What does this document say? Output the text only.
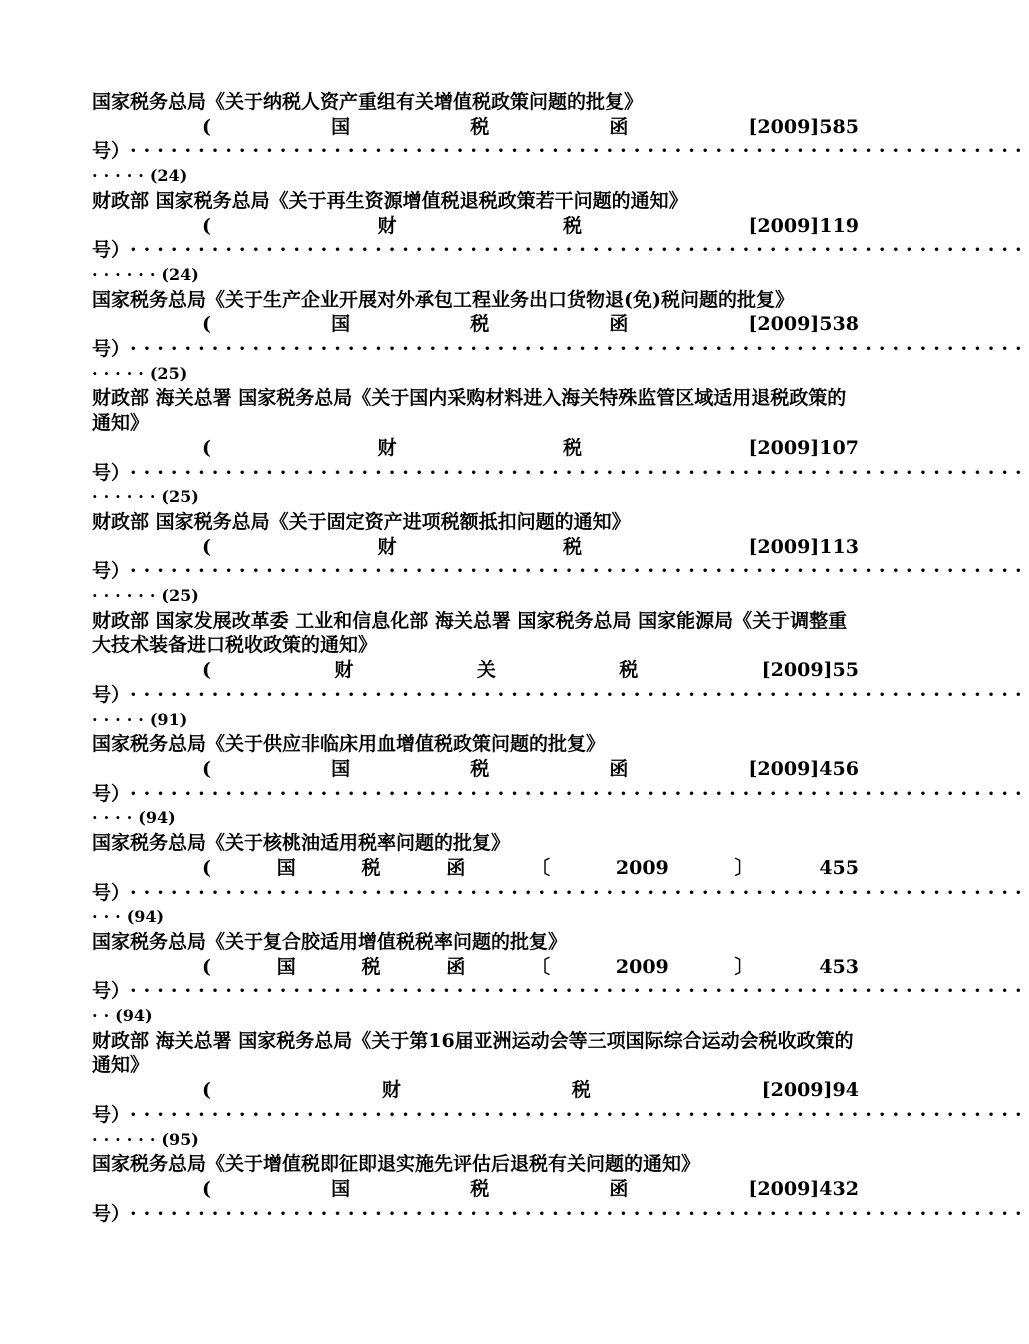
国家税务总局《关于纳税人资产重组有关增值税政策问题的批复》
(	国	税	函	[2009]585
号） ··································································
·····(24)
财政部 国家税务总局《关于再生资源增值税退税政策若干问题的通知》
(	财	税	[2009]119
号） ··································································
······(24)
国家税务总局《关于生产企业开展对外承包工程业务出口货物退(免)税问题的批复》
(	国	税	函	[2009]538
号） ··································································
·····(25)
财政部 海关总署 国家税务总局《关于国内采购材料进入海关特殊监管区域适用退税政策的通知》
(	财	税	[2009]107
号） ··································································
······(25)
财政部 国家税务总局《关于固定资产进项税额抵扣问题的通知》
(	财	税	[2009]113
号） ··································································
······(25)
财政部 国家发展改革委 工业和信息化部 海关总署 国家税务总局 国家能源局《关于调整重大技术装备进口税收政策的通知》
(	财	关	税	[2009]55
号） ··································································
·····(91)
国家税务总局《关于供应非临床用血增值税政策问题的批复》
(	国	税	函	[2009]456
号） ··································································
····(94)
国家税务总局《关于核桃油适用税率问题的批复》
(	国	税	函	〔	2009	〕	455
号） ··································································
···(94)
国家税务总局《关于复合胶适用增值税税率问题的批复》
(	国	税	函	〔	2009	〕	453
号） ··································································
··(94)
财政部 海关总署 国家税务总局《关于第16届亚洲运动会等三项国际综合运动会税收政策的通知》
(	财	税	[2009]94
号） ··································································
······(95)
国家税务总局《关于增值税即征即退实施先评估后退税有关问题的通知》
(	国	税	函	[2009]432
号） ··································································
